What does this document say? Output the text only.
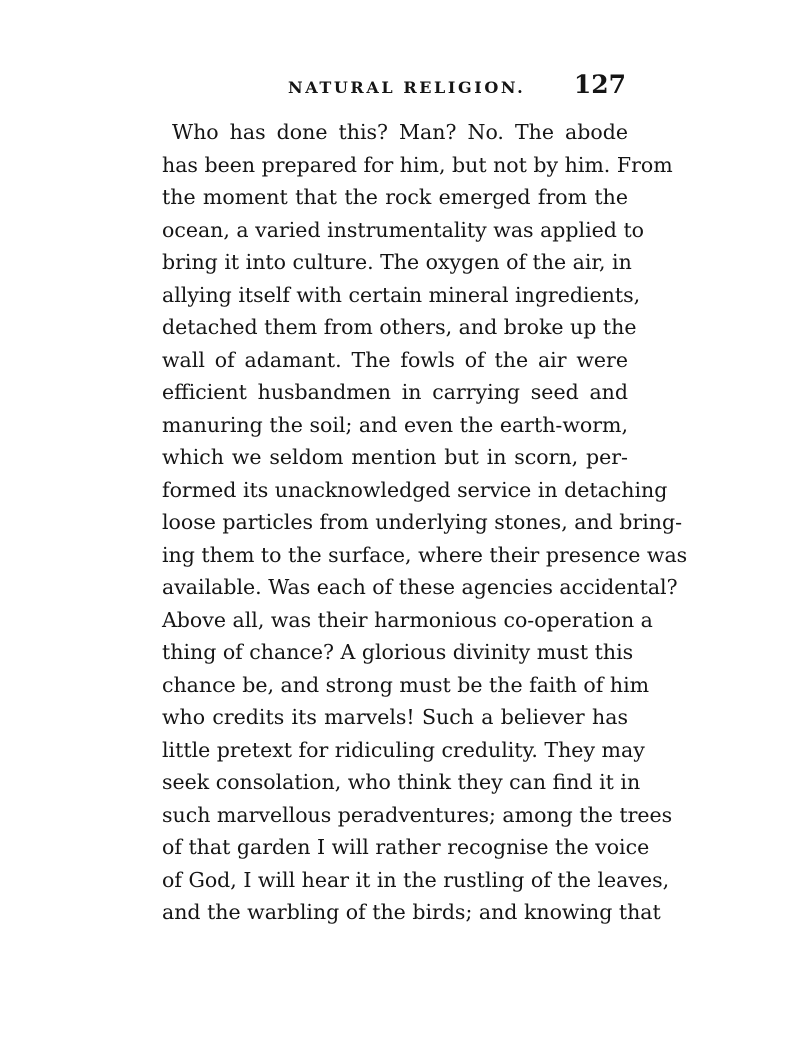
NATURAL RELIGION. 127
Who has done this? Man? No. The abode
has been prepared for him, but not by him. From
the moment that the rock emerged from the
ocean, a varied instrumentality was applied to
bring it into culture. The oxygen of the air, in
allying itself with certain mineral ingredients,
detached them from others, and broke up the
wall of adamant. The fowls of the air were
efficient husbandmen in carrying seed and
manuring the soil; and even the earth-worm,
which we seldom mention but in scorn, per-
formed its unacknowledged service in detaching
loose particles from underlying stones, and bring-
ing them to the surface, where their presence was
available. Was each of these agencies accidental?
Above all, was their harmonious co-operation a
thing of chance? A glorious divinity must this
chance be, and strong must be the faith of him
who credits its marvels! Such a believer has
little pretext for ridiculing credulity. They may
seek consolation, who think they can find it in
such marvellous peradventures; among the trees
of that garden I will rather recognise the voice
of God, I will hear it in the rustling of the leaves,
and the warbling of the birds; and knowing that
